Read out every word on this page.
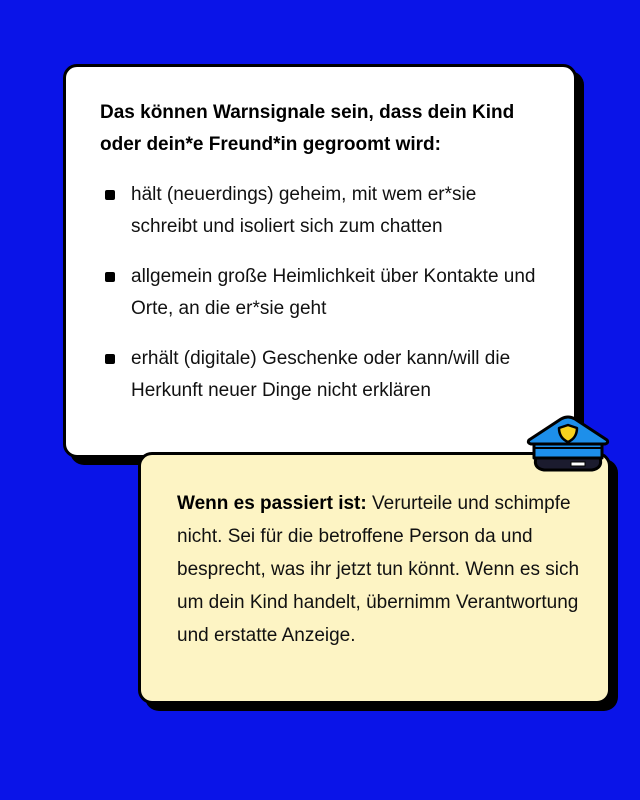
Das können Warnsignale sein, dass dein Kind oder dein*e Freund*in gegroomt wird:
hält (neuerdings) geheim, mit wem er*sie schreibt und isoliert sich zum chatten
allgemein große Heimlichkeit über Kontakte und Orte, an die er*sie geht
erhält (digitale) Geschenke oder kann/will die Herkunft neuer Dinge nicht erklären
Wenn es passiert ist: Verurteile und schimpfe nicht. Sei für die betroffene Person da und besprecht, was ihr jetzt tun könnt. Wenn es sich um dein Kind handelt, übernimm Verantwortung und erstatte Anzeige.
